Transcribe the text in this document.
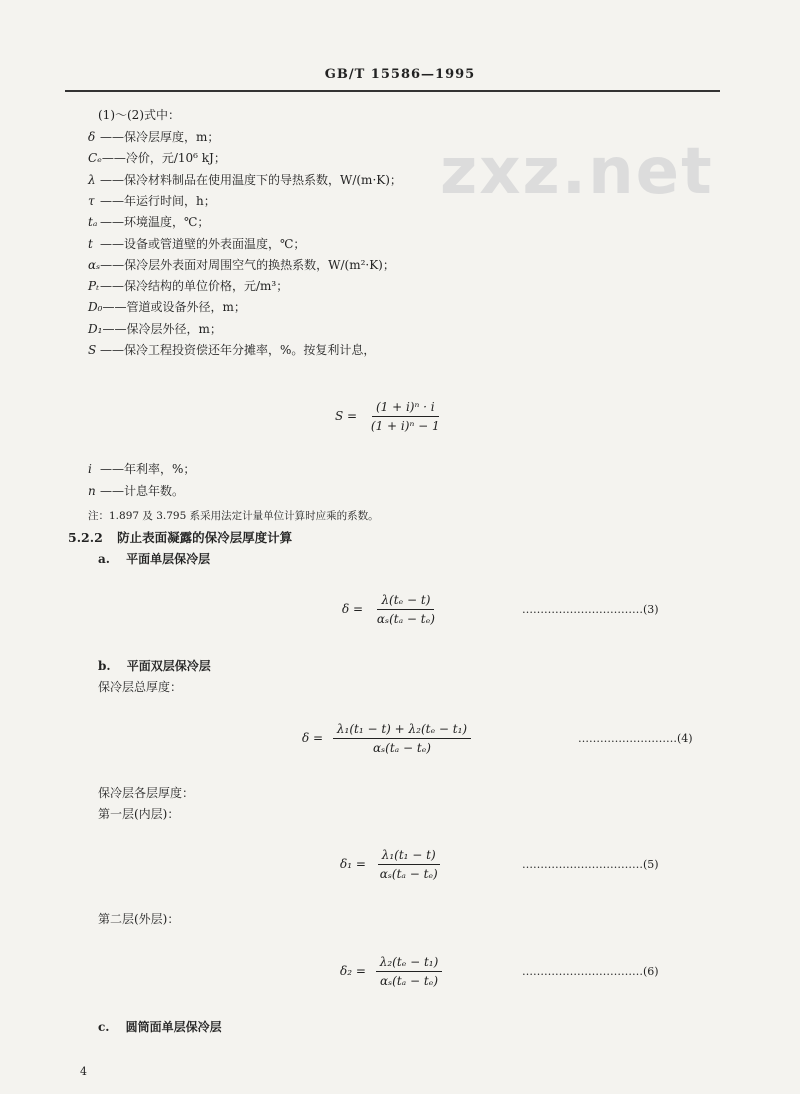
GB/T 15586—1995
zxz.net
(1)～(2)式中：
δ ——保冷层厚度，m；
Cₑ——冷价，元/10⁶ kJ；
λ ——保冷材料制品在使用温度下的导热系数，W/(m·K)；
τ ——年运行时间，h；
tₐ ——环境温度，℃；
t ——设备或管道壁的外表面温度，℃；
αₛ——保冷层外表面对周围空气的换热系数，W/(m²·K)；
Pₜ——保冷结构的单位价格，元/m³；
D₀——管道或设备外径，m；
D₁——保冷层外径，m；
S ——保冷工程投资偿还年分摊率，%。按复利计息，
$S = \frac{\text{(1 + i)ⁿ · i}}{\text{(1 + i)ⁿ − 1}}$
i ——年利率，%；
n ——计息年数。
注：1.897 及 3.795 系采用法定计量单位计算时应乘的系数。
5.2.2 防止表面凝露的保冷层厚度计算
a. 平面单层保冷层
$\delta = \frac{\text{λ(tₑ − t)}}{\text{αₛ(tₐ − tₑ)}}$	……………………………(3)
b. 平面双层保冷层
保冷层总厚度：
$\delta = \frac{\text{λ₁(t₁ − t) + λ₂(tₑ − t₁)}}{\text{αₛ(tₐ − tₑ)}}$	………………………(4)
保冷层各层厚度：
第一层(内层)：
$\delta_1 = \frac{\text{λ₁(t₁ − t)}}{\text{αₛ(tₐ − tₑ)}}$	……………………………(5)
第二层(外层)：
$\delta_2 = \frac{\text{λ₂(tₑ − t₁)}}{\text{αₛ(tₐ − tₑ)}}$	……………………………(6)
c. 圆筒面单层保冷层
4
